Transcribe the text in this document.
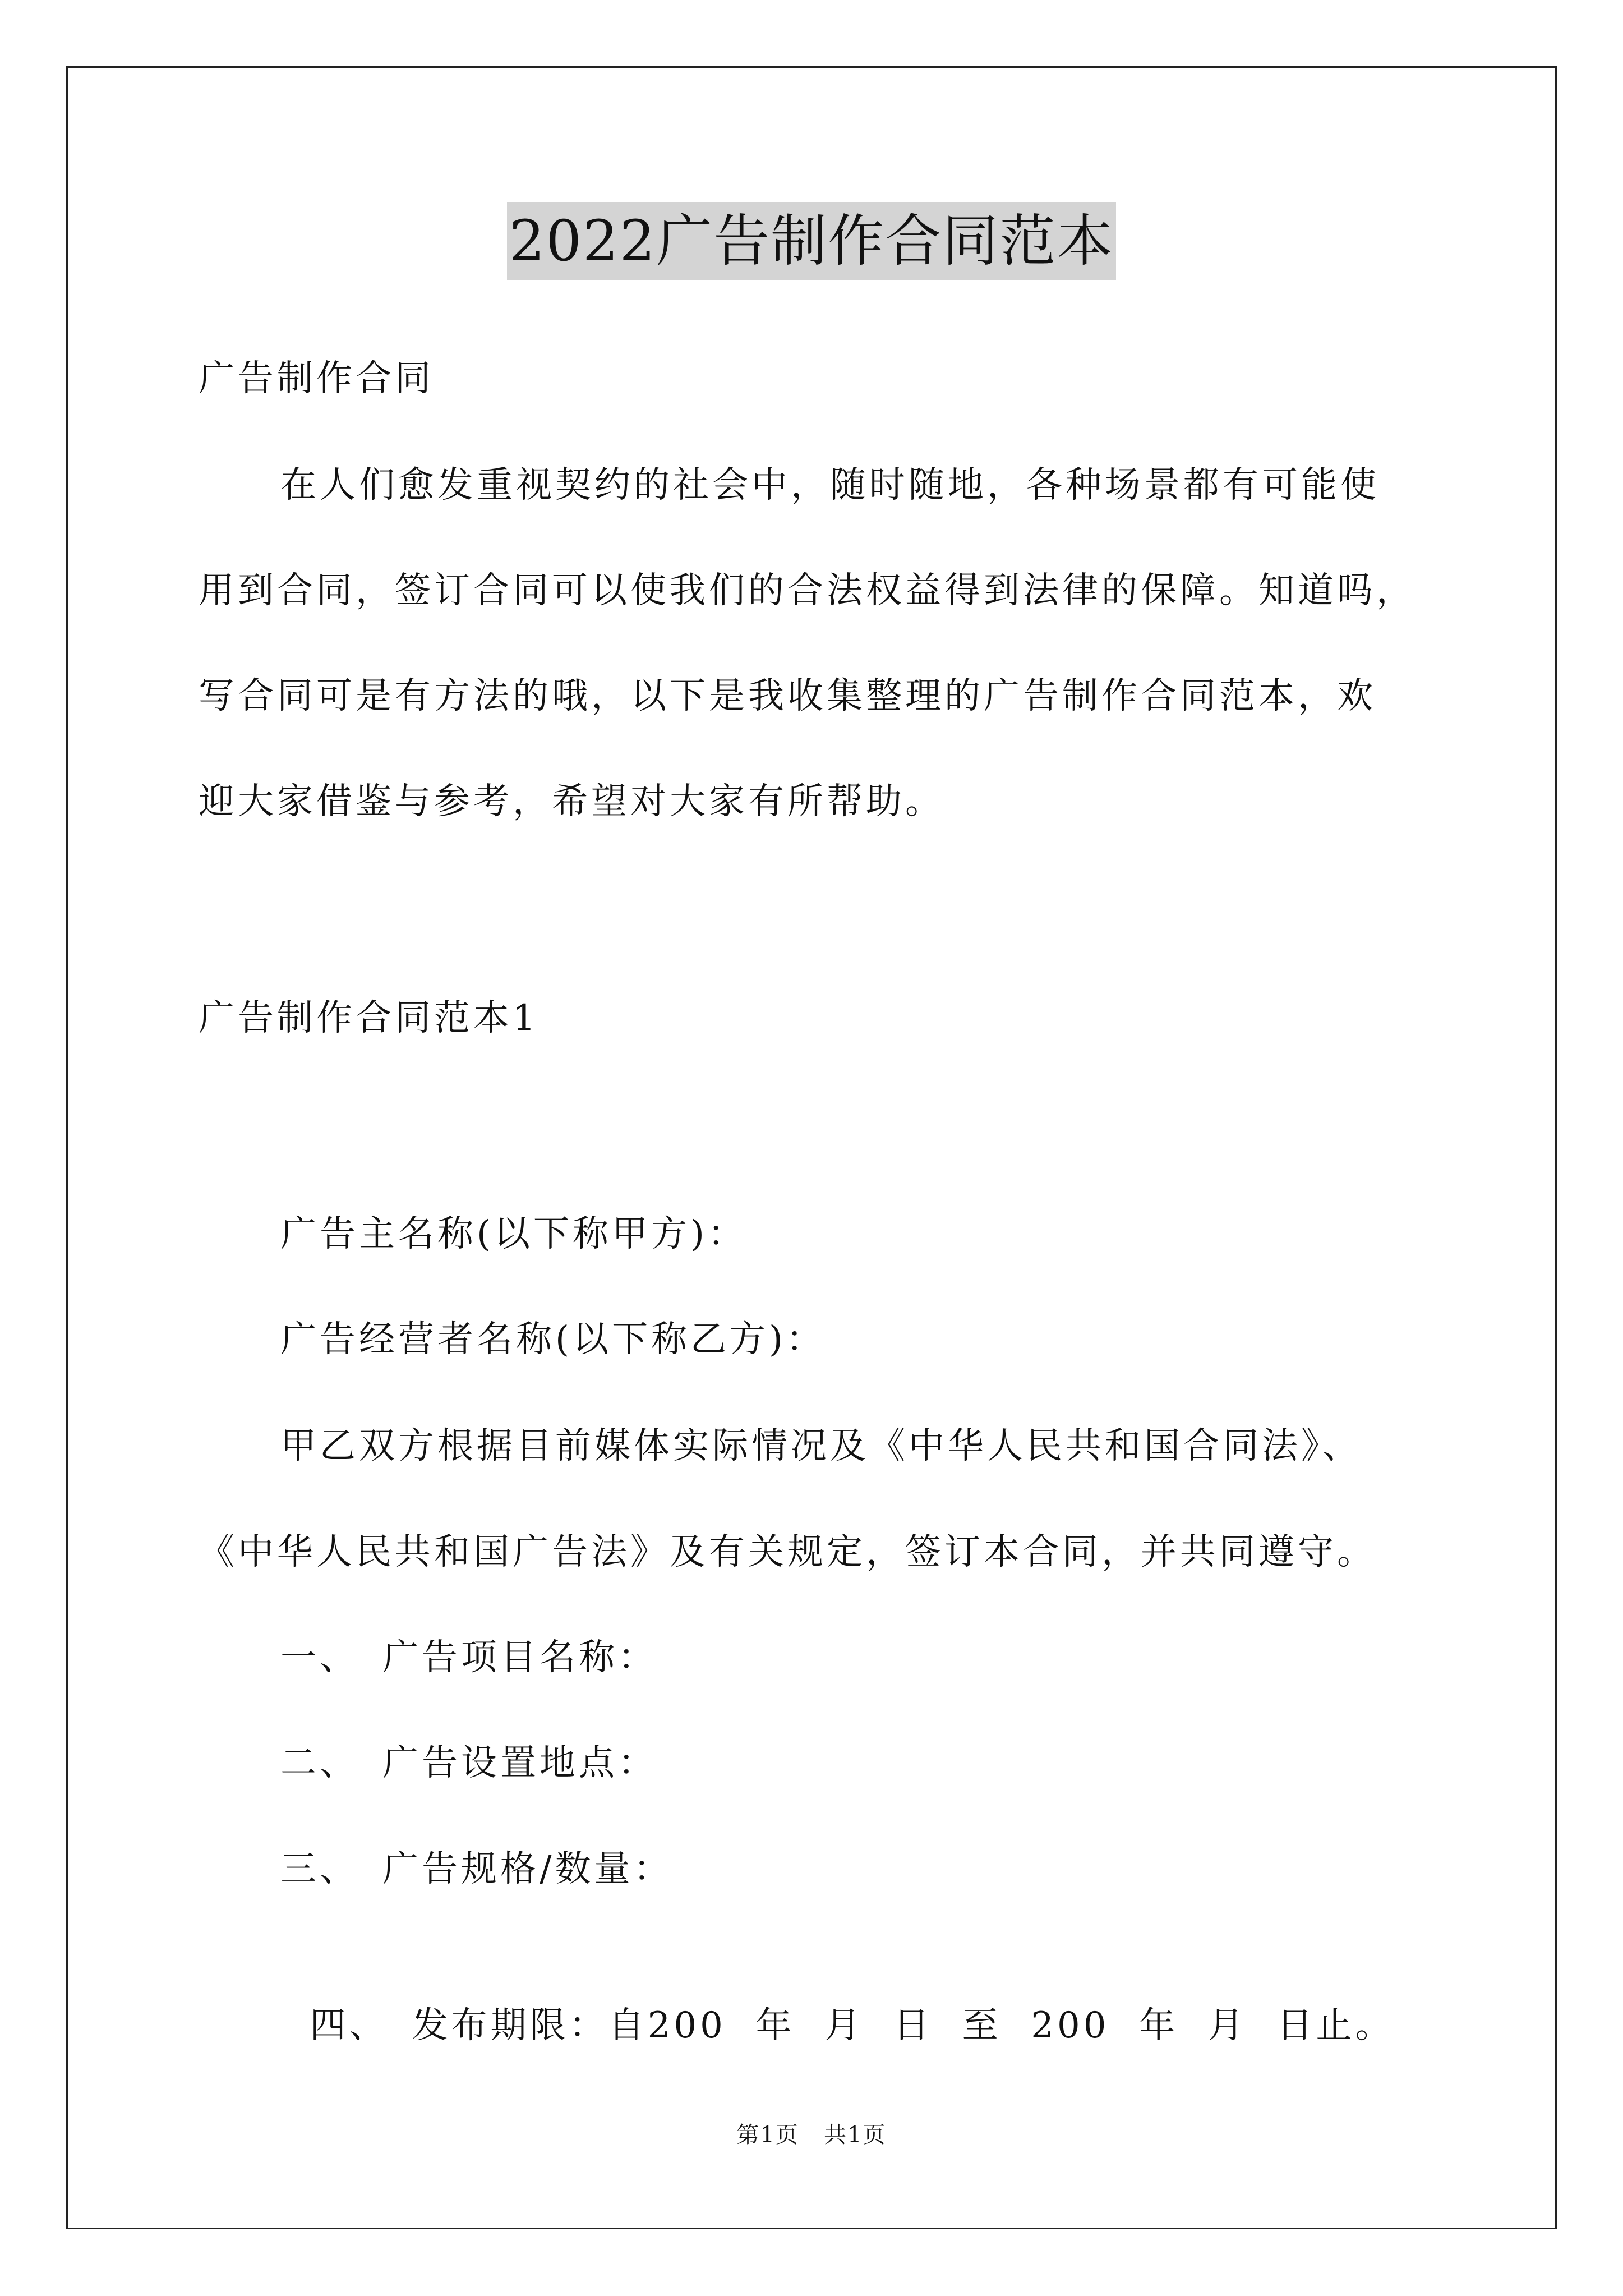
2022广告制作合同范本
广告制作合同
在人们愈发重视契约的社会中，随时随地，各种场景都有可能使
用到合同，签订合同可以使我们的合法权益得到法律的保障。知道吗，
写合同可是有方法的哦，以下是我收集整理的广告制作合同范本，欢
迎大家借鉴与参考，希望对大家有所帮助。
广告制作合同范本1
广告主名称(以下称甲方)：
广告经营者名称(以下称乙方)：
甲乙双方根据目前媒体实际情况及《中华人民共和国合同法》、
《中华人民共和国广告法》及有关规定，签订本合同，并共同遵守。
一、 广告项目名称：
二、 广告设置地点：
三、 广告规格/数量：

四、 发布期限：自200  年  月  日  至  200  年  月  日止。

第1页   共1页
